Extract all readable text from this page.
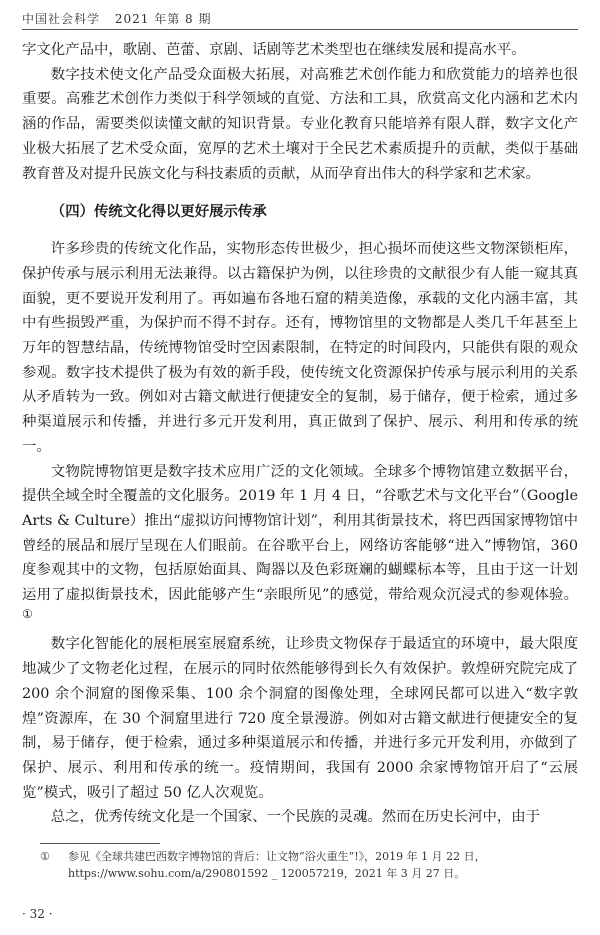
中国社会科学 2021 年第 8 期

字文化产品中，歌剧、芭蕾、京剧、话剧等艺术类型也在继续发展和提高水平。

数字技术使文化产品受众面极大拓展，对高雅艺术创作能力和欣赏能力的培养也很重要。高雅艺术创作力类似于科学领域的直觉、方法和工具，欣赏高文化内涵和艺术内涵的作品，需要类似读懂文献的知识背景。专业化教育只能培养有限人群，数字文化产业极大拓展了艺术受众面，宽厚的艺术土壤对于全民艺术素质提升的贡献，类似于基础教育普及对提升民族文化与科技素质的贡献，从而孕育出伟大的科学家和艺术家。

（四）传统文化得以更好展示传承

许多珍贵的传统文化作品，实物形态传世极少，担心损坏而使这些文物深锁柜库，保护传承与展示利用无法兼得。以古籍保护为例，以往珍贵的文献很少有人能一窥其真面貌，更不要说开发利用了。再如遍布各地石窟的精美造像，承载的文化内涵丰富，其中有些损毁严重，为保护而不得不封存。还有，博物馆里的文物都是人类几千年甚至上万年的智慧结晶，传统博物馆受时空因素限制，在特定的时间段内，只能供有限的观众参观。数字技术提供了极为有效的新手段，使传统文化资源保护传承与展示利用的关系从矛盾转为一致。例如对古籍文献进行便捷安全的复制，易于储存，便于检索，通过多种渠道展示和传播，并进行多元开发利用，真正做到了保护、展示、利用和传承的统一。

文物院博物馆更是数字技术应用广泛的文化领域。全球多个博物馆建立数据平台，提供全域全时全覆盖的文化服务。2019 年 1 月 4 日，“谷歌艺术与文化平台”（Google Arts & Culture）推出“虚拟访问博物馆计划”，利用其街景技术，将巴西国家博物馆中曾经的展品和展厅呈现在人们眼前。在谷歌平台上，网络访客能够“进入”博物馆，360 度参观其中的文物，包括原始面具、陶器以及色彩斑斓的蝴蝶标本等，且由于这一计划运用了虚拟街景技术，因此能够产生“亲眼所见”的感觉，带给观众沉浸式的参观体验。①

数字化智能化的展柜展室展窟系统，让珍贵文物保存于最适宜的环境中，最大限度地减少了文物老化过程，在展示的同时依然能够得到长久有效保护。敦煌研究院完成了 200 余个洞窟的图像采集、100 余个洞窟的图像处理，全球网民都可以进入“数字敦煌”资源库，在 30 个洞窟里进行 720 度全景漫游。例如对古籍文献进行便捷安全的复制，易于储存，便于检索，通过多种渠道展示和传播，并进行多元开发利用，亦做到了保护、展示、利用和传承的统一。疫情期间，我国有 2000 余家博物馆开启了“云展览”模式，吸引了超过 50 亿人次观览。

总之，优秀传统文化是一个国家、一个民族的灵魂。然而在历史长河中，由于

① 参见《全球共建巴西数字博物馆的背后：让文物“浴火重生”!》，2019 年 1 月 22 日，
https://www.sohu.com/a/290801592 _ 120057219，2021 年 3 月 27 日。
· 32 ·
